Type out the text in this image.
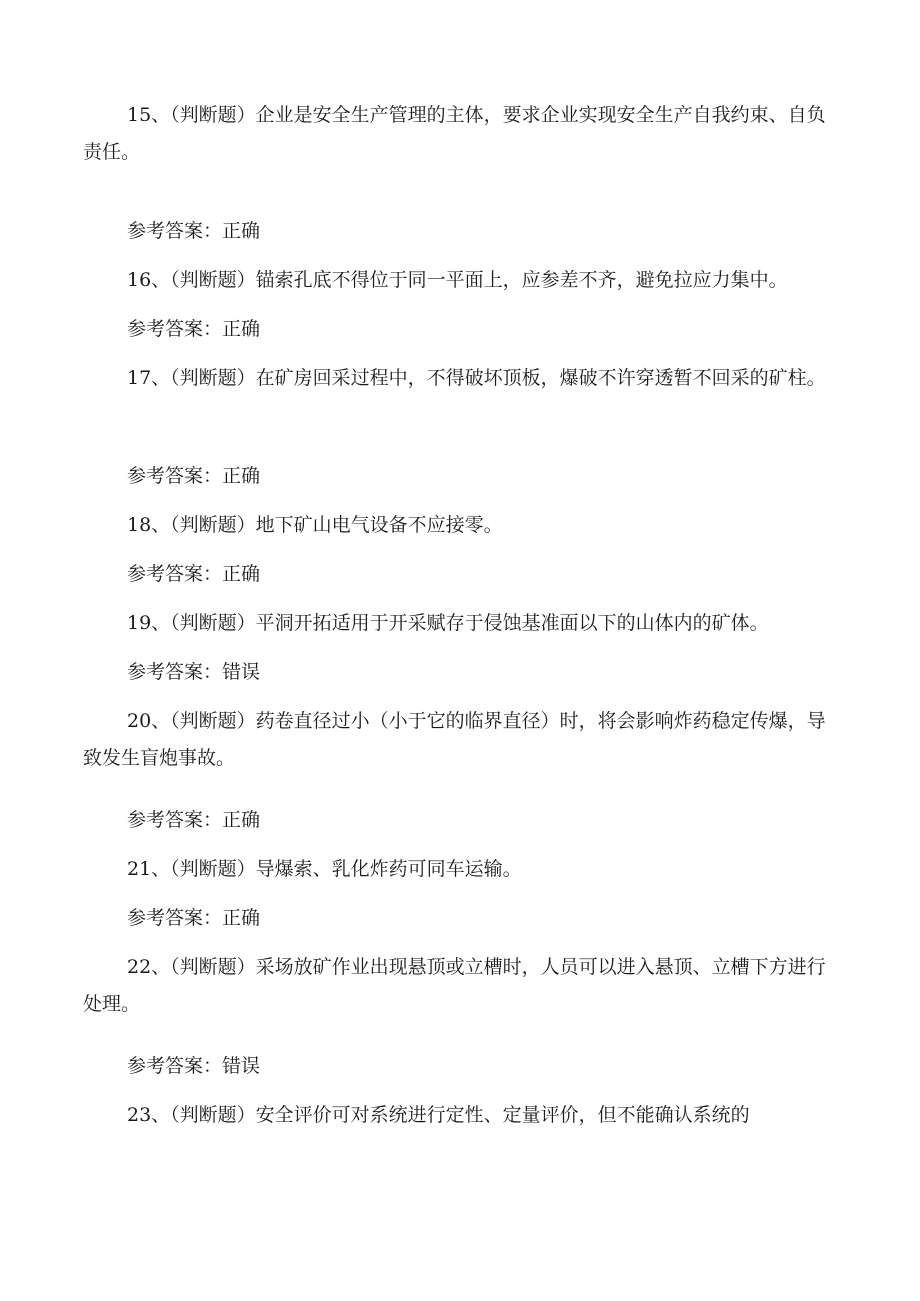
15、（判断题）企业是安全生产管理的主体，要求企业实现安全生产自我约束、自负责任。

参考答案：正确

16、（判断题）锚索孔底不得位于同一平面上，应参差不齐，避免拉应力集中。

参考答案：正确

17、（判断题）在矿房回采过程中，不得破坏顶板，爆破不许穿透暂不回采的矿柱。

参考答案：正确

18、（判断题）地下矿山电气设备不应接零。

参考答案：正确

19、（判断题）平洞开拓适用于开采赋存于侵蚀基准面以下的山体内的矿体。

参考答案：错误

20、（判断题）药卷直径过小（小于它的临界直径）时，将会影响炸药稳定传爆，导致发生盲炮事故。

参考答案：正确

21、（判断题）导爆索、乳化炸药可同车运输。

参考答案：正确

22、（判断题）采场放矿作业出现悬顶或立槽时，人员可以进入悬顶、立槽下方进行处理。

参考答案：错误

23、（判断题）安全评价可对系统进行定性、定量评价，但不能确认系统的
